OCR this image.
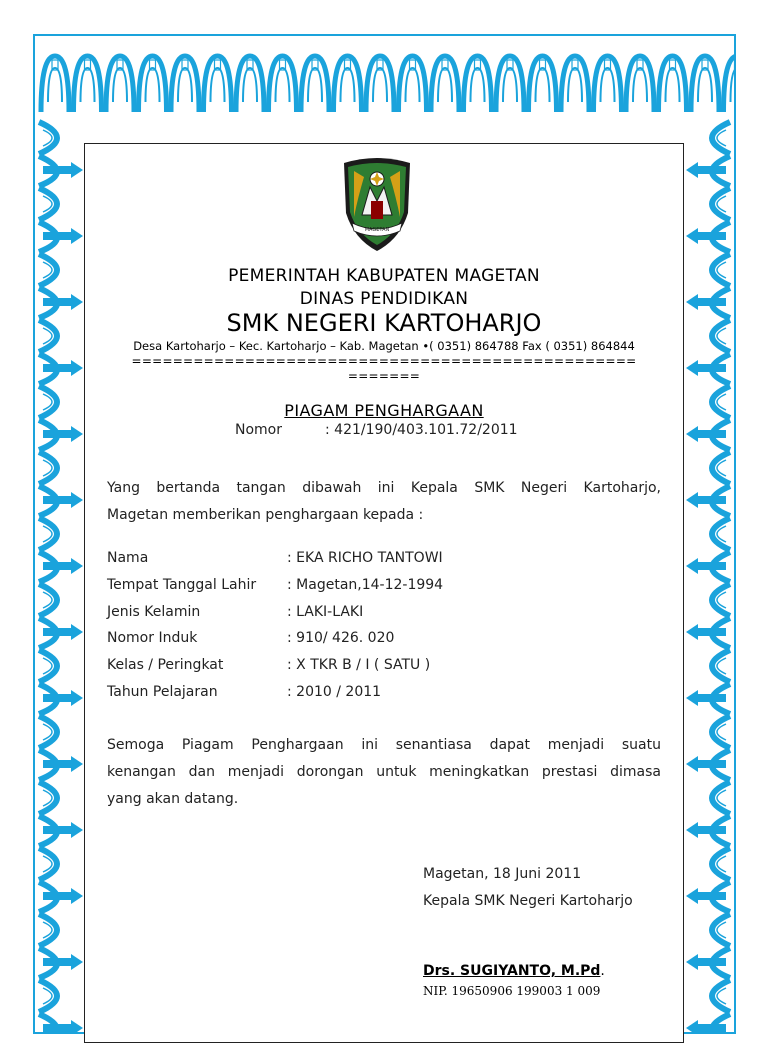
MAGETAN
PEMERINTAH KABUPATEN MAGETAN
DINAS PENDIDIKAN
SMK NEGERI KARTOHARJO
Desa Kartoharjo – Kec. Kartoharjo – Kab. Magetan •( 0351) 864788 Fax ( 0351) 864844
=================================================
=======
PIAGAM PENGHARGAAN
Nomor	: 421/190/403.101.72/2011
Yang bertanda tangan dibawah ini Kepala SMK Negeri Kartoharjo,
Magetan memberikan penghargaan kepada :
Nama	: EKA RICHO TANTOWI
Tempat Tanggal Lahir : Magetan,14-12-1994
Jenis Kelamin	: LAKI-LAKI
Nomor Induk	: 910/ 426. 020
Kelas / Peringkat	: X TKR B / I ( SATU )
Tahun Pelajaran	: 2010 / 2011
Semoga Piagam Penghargaan ini senantiasa dapat menjadi suatu
kenangan dan menjadi dorongan untuk meningkatkan prestasi dimasa
yang akan datang.
Magetan, 18 Juni 2011
Kepala SMK Negeri Kartoharjo
Drs. SUGIYANTO, M.Pd.
NIP. 19650906 199003 1 009
